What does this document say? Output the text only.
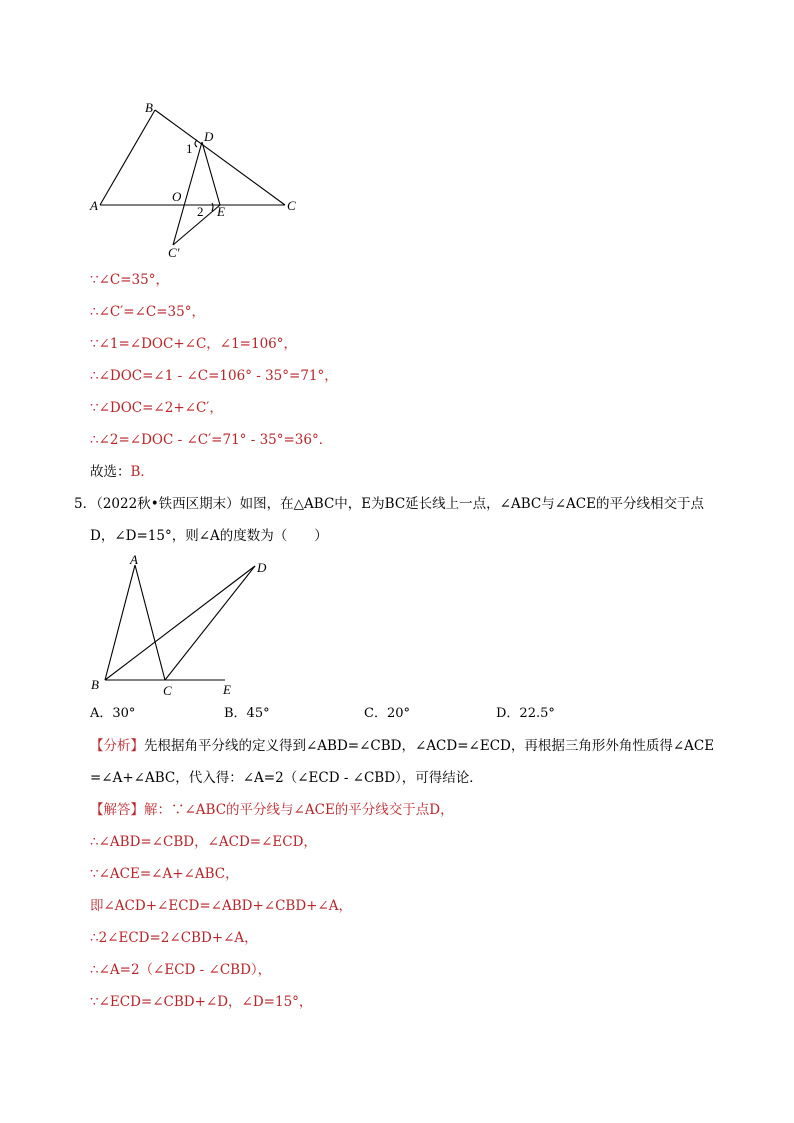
B
D
1
O
A	2 E	C
C′
∵∠C=35°，
∴∠C′=∠C=35°，
∵∠1=∠DOC+∠C，∠1=106°，
∴∠DOC=∠1 - ∠C=106° - 35°=71°，
∵∠DOC=∠2+∠C′，
∴∠2=∠DOC - ∠C′=71° - 35°=36°．
故选：B．
5．（2022秋•铁西区期末）如图，在△ABC中，E为BC延长线上一点，∠ABC与∠ACE的平分线相交于点
D，∠D=15°，则∠A的度数为（　　）
A
D
B	C	E
A．30°	B．45°	C．20°	D．22.5°
【分析】先根据角平分线的定义得到∠ABD=∠CBD，∠ACD=∠ECD，再根据三角形外角性质得∠ACE
=∠A+∠ABC，代入得：∠A=2（∠ECD - ∠CBD），可得结论．
【解答】解：∵∠ABC的平分线与∠ACE的平分线交于点D，
∴∠ABD=∠CBD，∠ACD=∠ECD，
∵∠ACE=∠A+∠ABC，
即∠ACD+∠ECD=∠ABD+∠CBD+∠A，
∴2∠ECD=2∠CBD+∠A，
∴∠A=2（∠ECD - ∠CBD），
∵∠ECD=∠CBD+∠D，∠D=15°，
